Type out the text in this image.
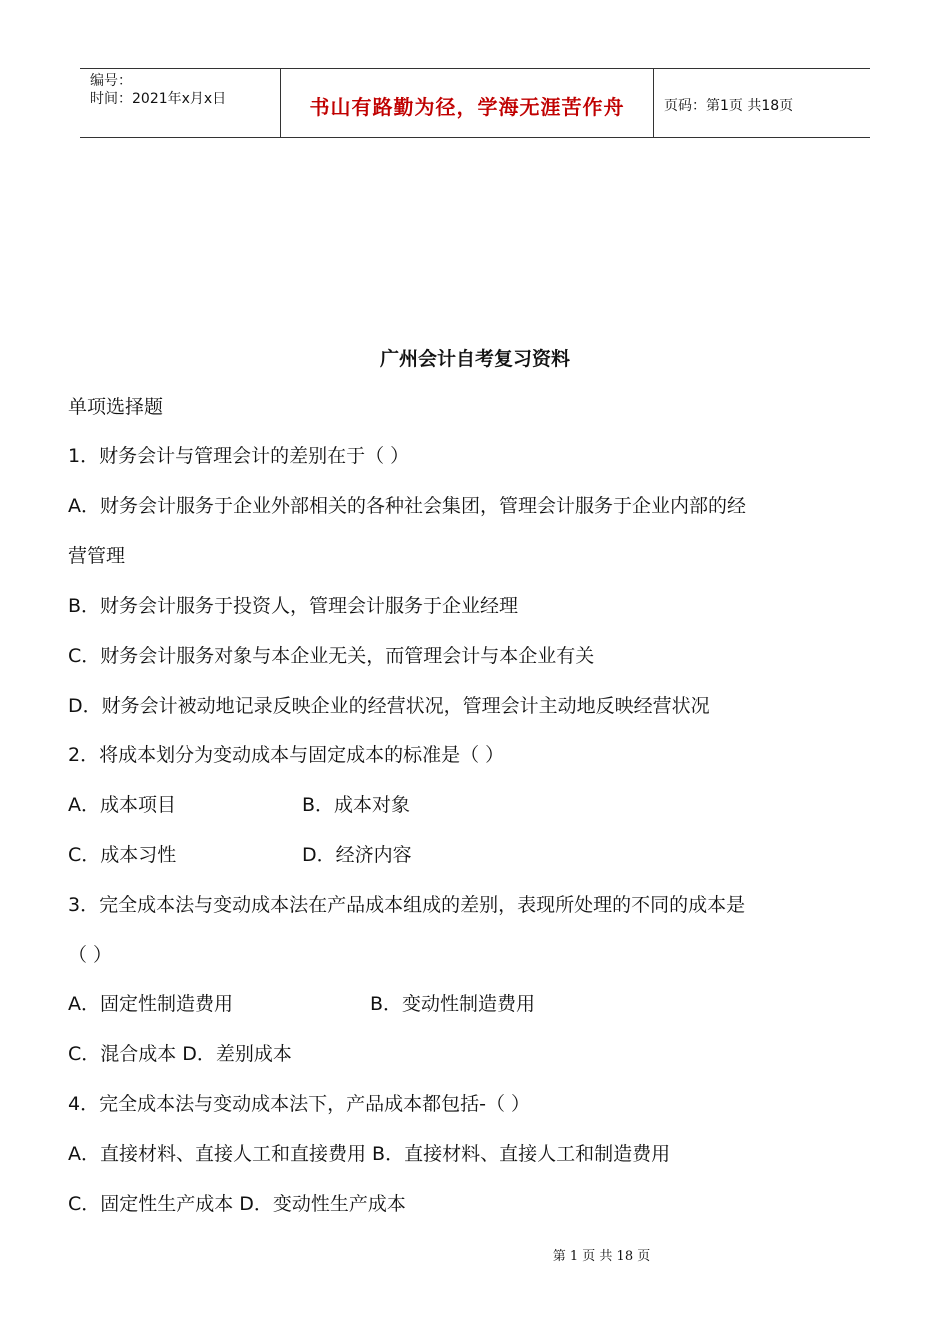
编号：
时间：2021年x月x日	书山有路勤为径，学海无涯苦作舟	页码：第1页 共18页
广州会计自考复习资料
单项选择题
1．财务会计与管理会计的差别在于（ ）
A．财务会计服务于企业外部相关的各种社会集团，管理会计服务于企业内部的经
营管理
B．财务会计服务于投资人，管理会计服务于企业经理
C．财务会计服务对象与本企业无关，而管理会计与本企业有关
D．财务会计被动地记录反映企业的经营状况，管理会计主动地反映经营状况
2．将成本划分为变动成本与固定成本的标准是（ ）
A．成本项目	B．成本对象
C．成本习性	D．经济内容
3．完全成本法与变动成本法在产品成本组成的差别，表现所处理的不同的成本是
（ ）
A．固定性制造费用	B．变动性制造费用
C．混合成本 D．差别成本
4．完全成本法与变动成本法下，产品成本都包括-（ ）
A．直接材料、直接人工和直接费用 B．直接材料、直接人工和制造费用
C．固定性生产成本 D．变动性生产成本
第 1 页 共 18 页
